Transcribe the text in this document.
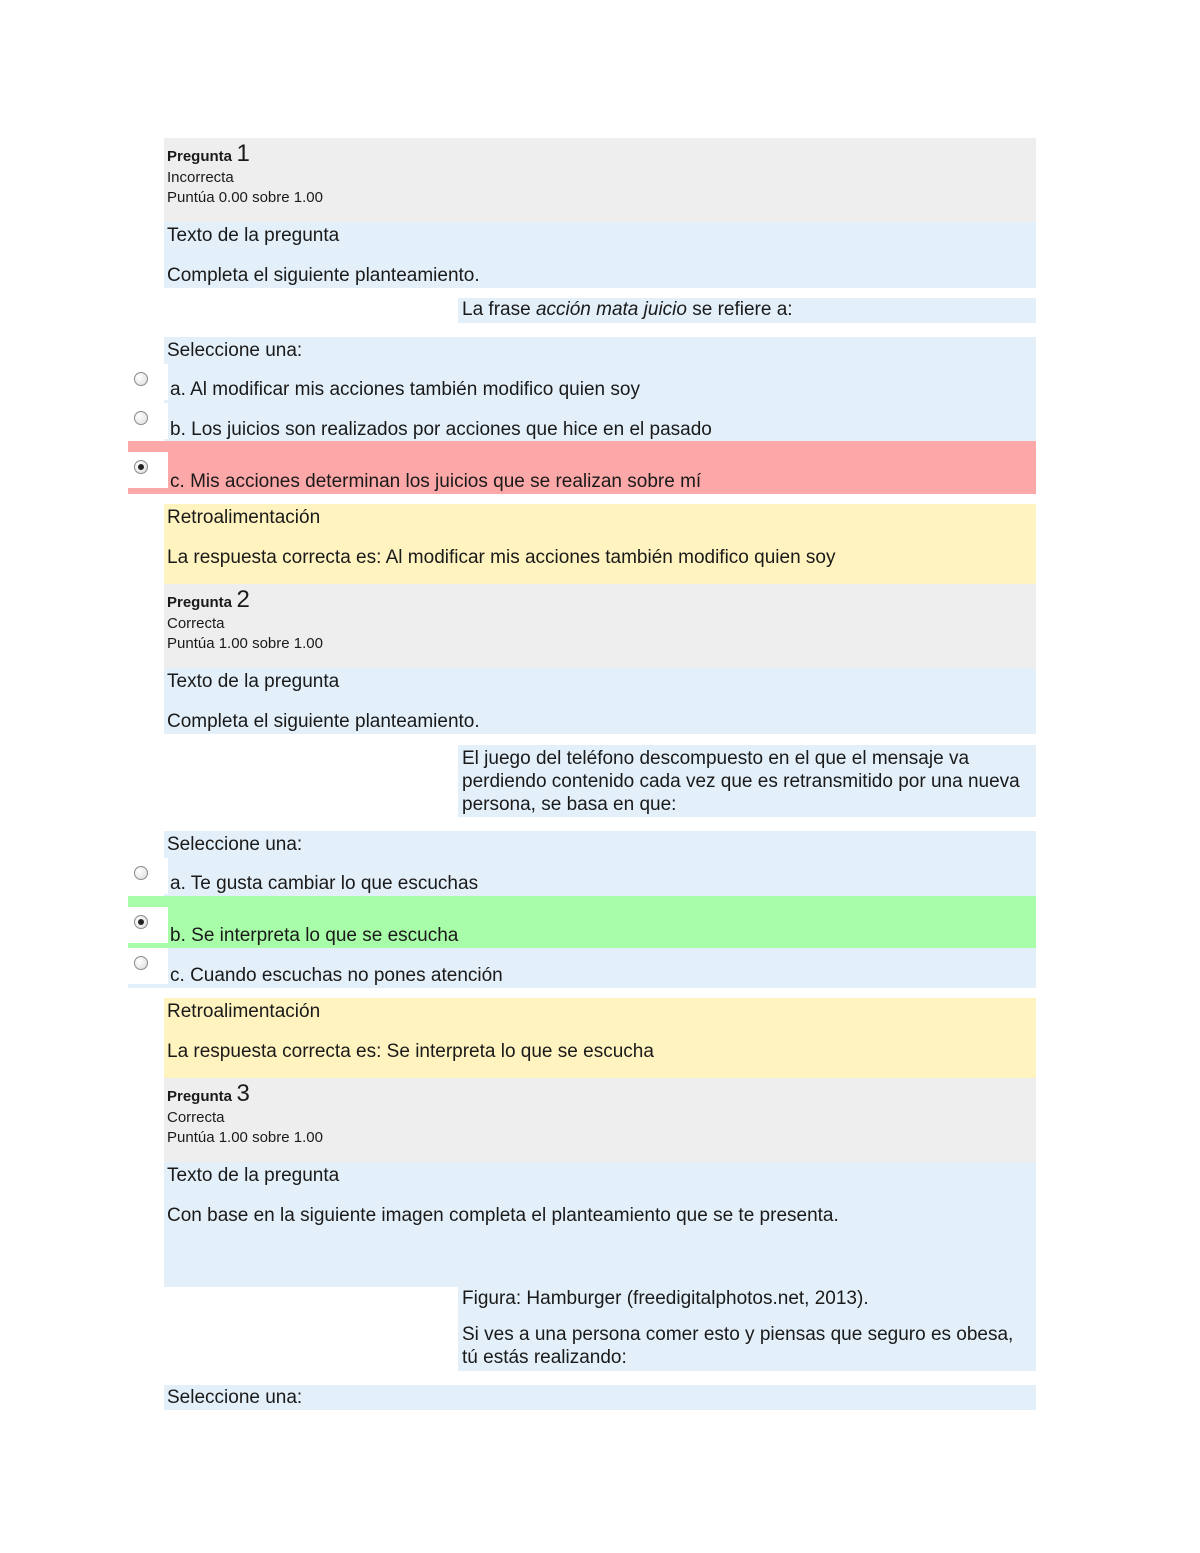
Pregunta 1
Incorrecta
Puntúa 0.00 sobre 1.00
Texto de la pregunta
Completa el siguiente planteamiento.
La frase acción mata juicio se refiere a:
Seleccione una:
a. Al modificar mis acciones también modifico quien soy
b. Los juicios son realizados por acciones que hice en el pasado
c. Mis acciones determinan los juicios que se realizan sobre mí
Retroalimentación
La respuesta correcta es: Al modificar mis acciones también modifico quien soy
Pregunta 2
Correcta
Puntúa 1.00 sobre 1.00
Texto de la pregunta
Completa el siguiente planteamiento.
El juego del teléfono descompuesto en el que el mensaje va perdiendo contenido cada vez que es retransmitido por una nueva persona, se basa en que:
Seleccione una:
a. Te gusta cambiar lo que escuchas
b. Se interpreta lo que se escucha
c. Cuando escuchas no pones atención
Retroalimentación
La respuesta correcta es: Se interpreta lo que se escucha
Pregunta 3
Correcta
Puntúa 1.00 sobre 1.00
Texto de la pregunta
Con base en la siguiente imagen completa el planteamiento que se te presenta.
Figura: Hamburger (freedigitalphotos.net, 2013).
Si ves a una persona comer esto y piensas que seguro es obesa, tú estás realizando:
Seleccione una:
